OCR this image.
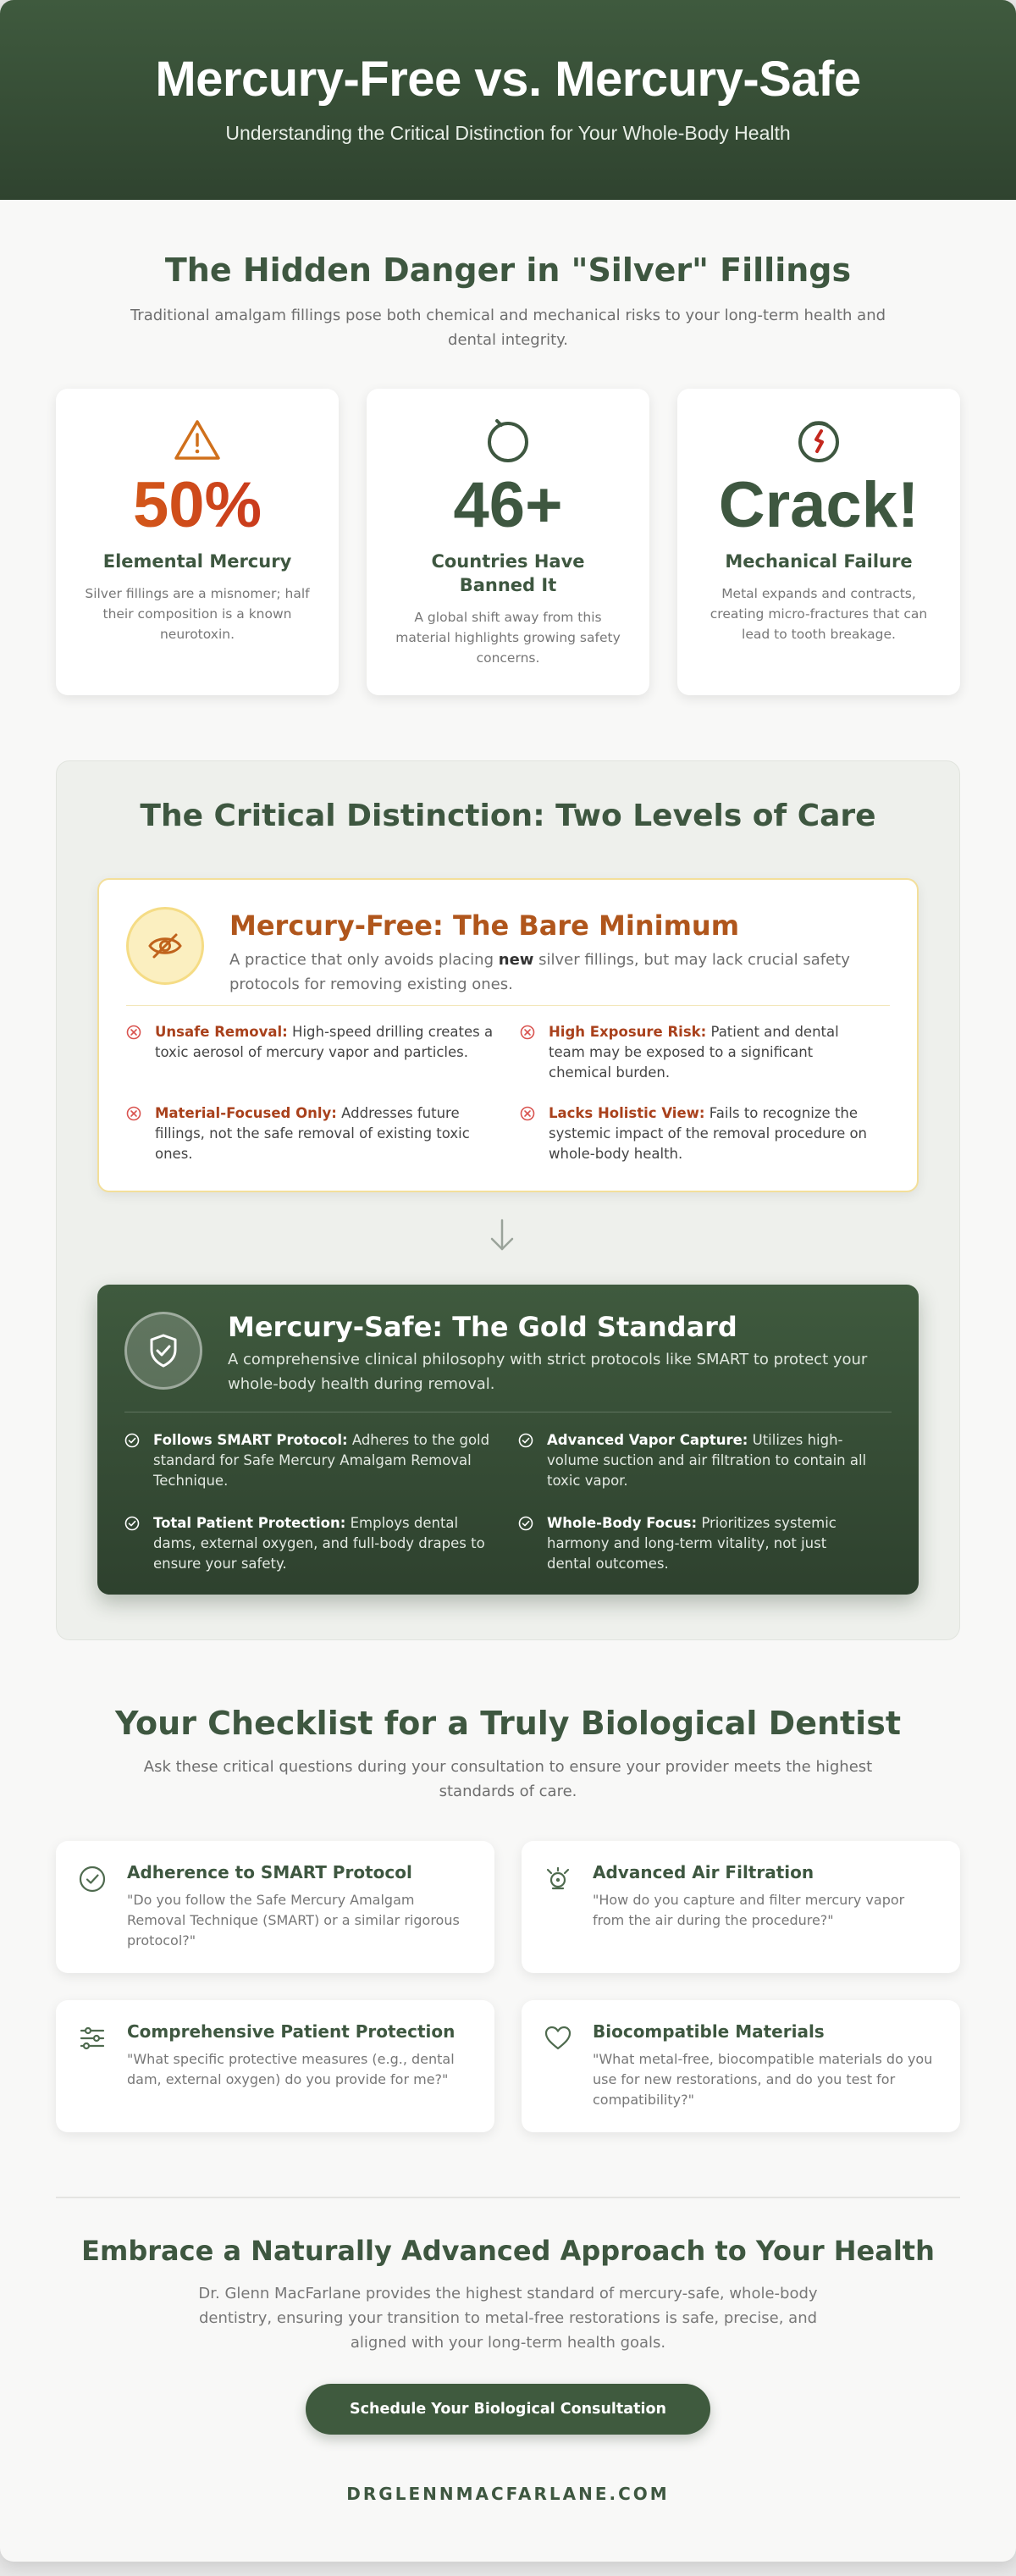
Mercury-Free vs. Mercury-Safe

Understanding the Critical Distinction for Your Whole-Body Health

The Hidden Danger in "Silver" Fillings

Traditional amalgam fillings pose both chemical and mechanical risks to your long-term health and dental integrity.

50%
Elemental Mercury
Silver fillings are a misnomer; half their composition is a known neurotoxin.
46+
Countries Have Banned It
A global shift away from this material highlights growing safety concerns.
Crack!
Mechanical Failure
Metal expands and contracts, creating micro-fractures that can lead to tooth breakage.
The Critical Distinction: Two Levels of Care
Mercury-Free: The Bare Minimum
A practice that only avoids placing new silver fillings, but may lack crucial safety protocols for removing existing ones.
Unsafe Removal: High-speed drilling creates a toxic aerosol of mercury vapor and particles.
High Exposure Risk: Patient and dental team may be exposed to a significant chemical burden.
Material-Focused Only: Addresses future fillings, not the safe removal of existing toxic ones.
Lacks Holistic View: Fails to recognize the systemic impact of the removal procedure on whole-body health.
Mercury-Safe: The Gold Standard
A comprehensive clinical philosophy with strict protocols like SMART to protect your whole-body health during removal.
Follows SMART Protocol: Adheres to the gold standard for Safe Mercury Amalgam Removal Technique.
Advanced Vapor Capture: Utilizes high-volume suction and air filtration to contain all toxic vapor.
Total Patient Protection: Employs dental dams, external oxygen, and full-body drapes to ensure your safety.
Whole-Body Focus: Prioritizes systemic harmony and long-term vitality, not just dental outcomes.
Your Checklist for a Truly Biological Dentist

Ask these critical questions during your consultation to ensure your provider meets the highest standards of care.

Adherence to SMART Protocol
"Do you follow the Safe Mercury Amalgam Removal Technique (SMART) or a similar rigorous protocol?"
Advanced Air Filtration
"How do you capture and filter mercury vapor from the air during the procedure?"
Comprehensive Patient Protection
"What specific protective measures (e.g., dental dam, external oxygen) do you provide for me?"
Biocompatible Materials
"What metal-free, biocompatible materials do you use for new restorations, and do you test for compatibility?"
Embrace a Naturally Advanced Approach to Your Health

Dr. Glenn MacFarlane provides the highest standard of mercury-safe, whole-body dentistry, ensuring your transition to metal-free restorations is safe, precise, and aligned with your long-term health goals.

Schedule Your Biological Consultation
DRGLENNMACFARLANE.COM
